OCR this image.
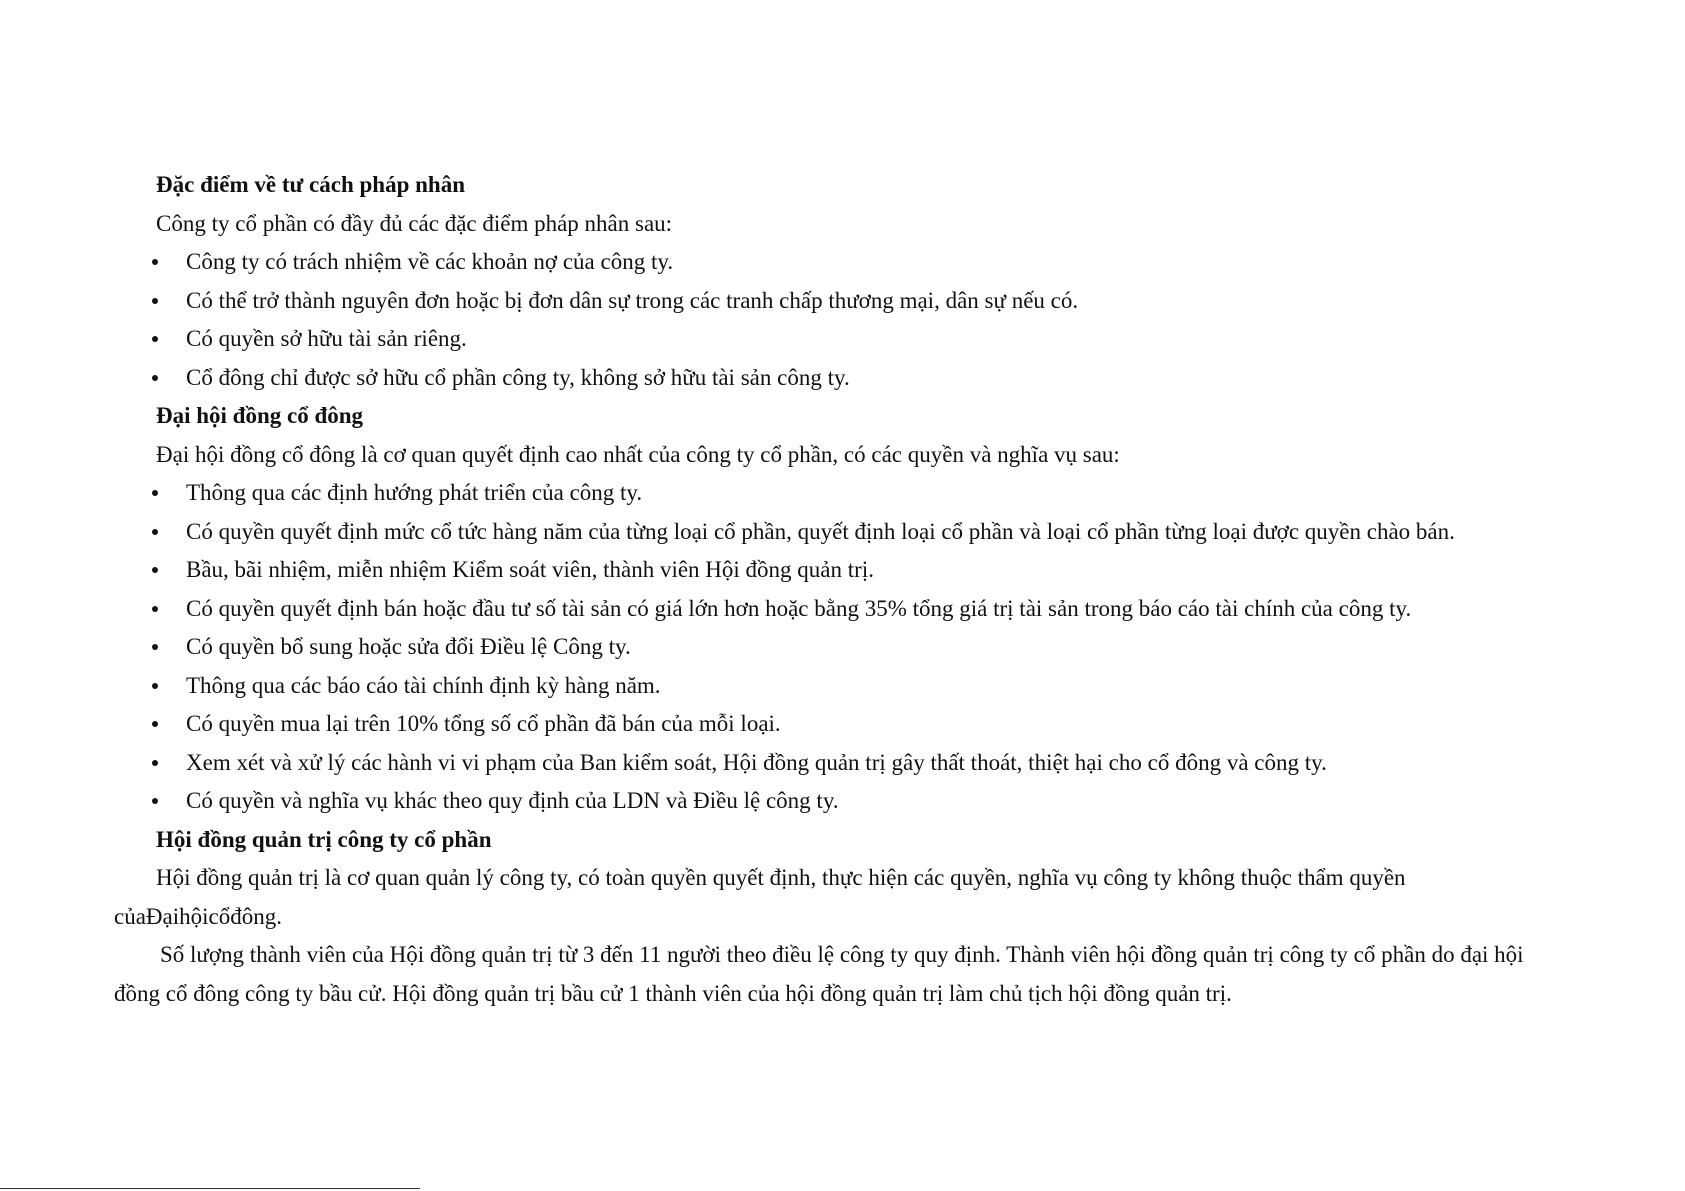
Đặc điểm về tư cách pháp nhân
Công ty cổ phần có đầy đủ các đặc điểm pháp nhân sau:
Công ty có trách nhiệm về các khoản nợ của công ty.
Có thể trở thành nguyên đơn hoặc bị đơn dân sự trong các tranh chấp thương mại, dân sự nếu có.
Có quyền sở hữu tài sản riêng.
Cổ đông chỉ được sở hữu cổ phần công ty, không sở hữu tài sản công ty.
Đại hội đồng cổ đông
Đại hội đồng cổ đông là cơ quan quyết định cao nhất của công ty cổ phần, có các quyền và nghĩa vụ sau:
Thông qua các định hướng phát triển của công ty.
Có quyền quyết định mức cổ tức hàng năm của từng loại cổ phần, quyết định loại cổ phần và loại cổ phần từng loại được quyền chào bán.
Bầu, bãi nhiệm, miễn nhiệm Kiểm soát viên, thành viên Hội đồng quản trị.
Có quyền quyết định bán hoặc đầu tư số tài sản có giá lớn hơn hoặc bằng 35% tổng giá trị tài sản trong báo cáo tài chính của công ty.
Có quyền bổ sung hoặc sửa đổi Điều lệ Công ty.
Thông qua các báo cáo tài chính định kỳ hàng năm.
Có quyền mua lại trên 10% tổng số cổ phần đã bán của mỗi loại.
Xem xét và xử lý các hành vi vi phạm của Ban kiểm soát, Hội đồng quản trị gây thất thoát, thiệt hại cho cổ đông và công ty.
Có quyền và nghĩa vụ khác theo quy định của LDN và Điều lệ công ty.
Hội đồng quản trị công ty cổ phần
Hội đồng quản trị là cơ quan quản lý công ty, có toàn quyền quyết định, thực hiện các quyền, nghĩa vụ công ty không thuộc thẩm quyền củaĐạihộicổđông.
Số lượng thành viên của Hội đồng quản trị từ 3 đến 11 người theo điều lệ công ty quy định. Thành viên hội đồng quản trị công ty cổ phần do đại hội đồng cổ đông công ty bầu cử. Hội đồng quản trị bầu cử 1 thành viên của hội đồng quản trị làm chủ tịch hội đồng quản trị.
